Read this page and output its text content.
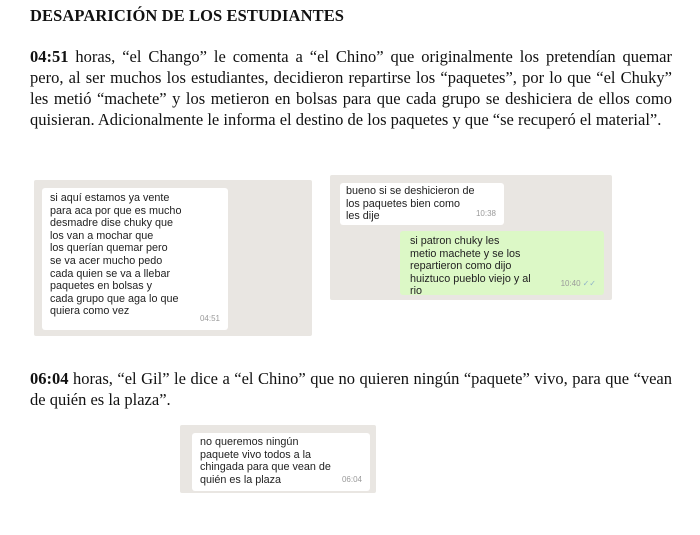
DESAPARICIÓN DE LOS ESTUDIANTES
04:51 horas, “el Chango” le comenta a “el Chino” que originalmente los pretendían quemar pero, al ser muchos los estudiantes, decidieron repartirse los “paquetes”, por lo que “el Chuky” les metió “machete” y los metieron en bolsas para que cada grupo se deshiciera de ellos como quisieran. Adicionalmente le informa el destino de los paquetes y que “se recuperó el material”.
si aquí estamos ya vente
para aca por que es mucho
desmadre dise chuky que
los van a mochar que
los querían quemar pero
se va acer mucho pedo
cada quien se va a llebar
paquetes en bolsas y
cada grupo que aga lo que
quiera como vez
04:51
bueno si se deshicieron de
los paquetes bien como
les dije	10:38
si patron chuky les
metio machete y se los
repartieron como dijo
huiztuco pueblo viejo y al
rio
10:40 ✓✓
06:04 horas, “el Gil” le dice a “el Chino” que no quieren ningún “paquete” vivo, para que “vean de quién es la plaza”.
no queremos ningún
paquete vivo todos a la
chingada para que vean de
quién es la plaza	06:04
